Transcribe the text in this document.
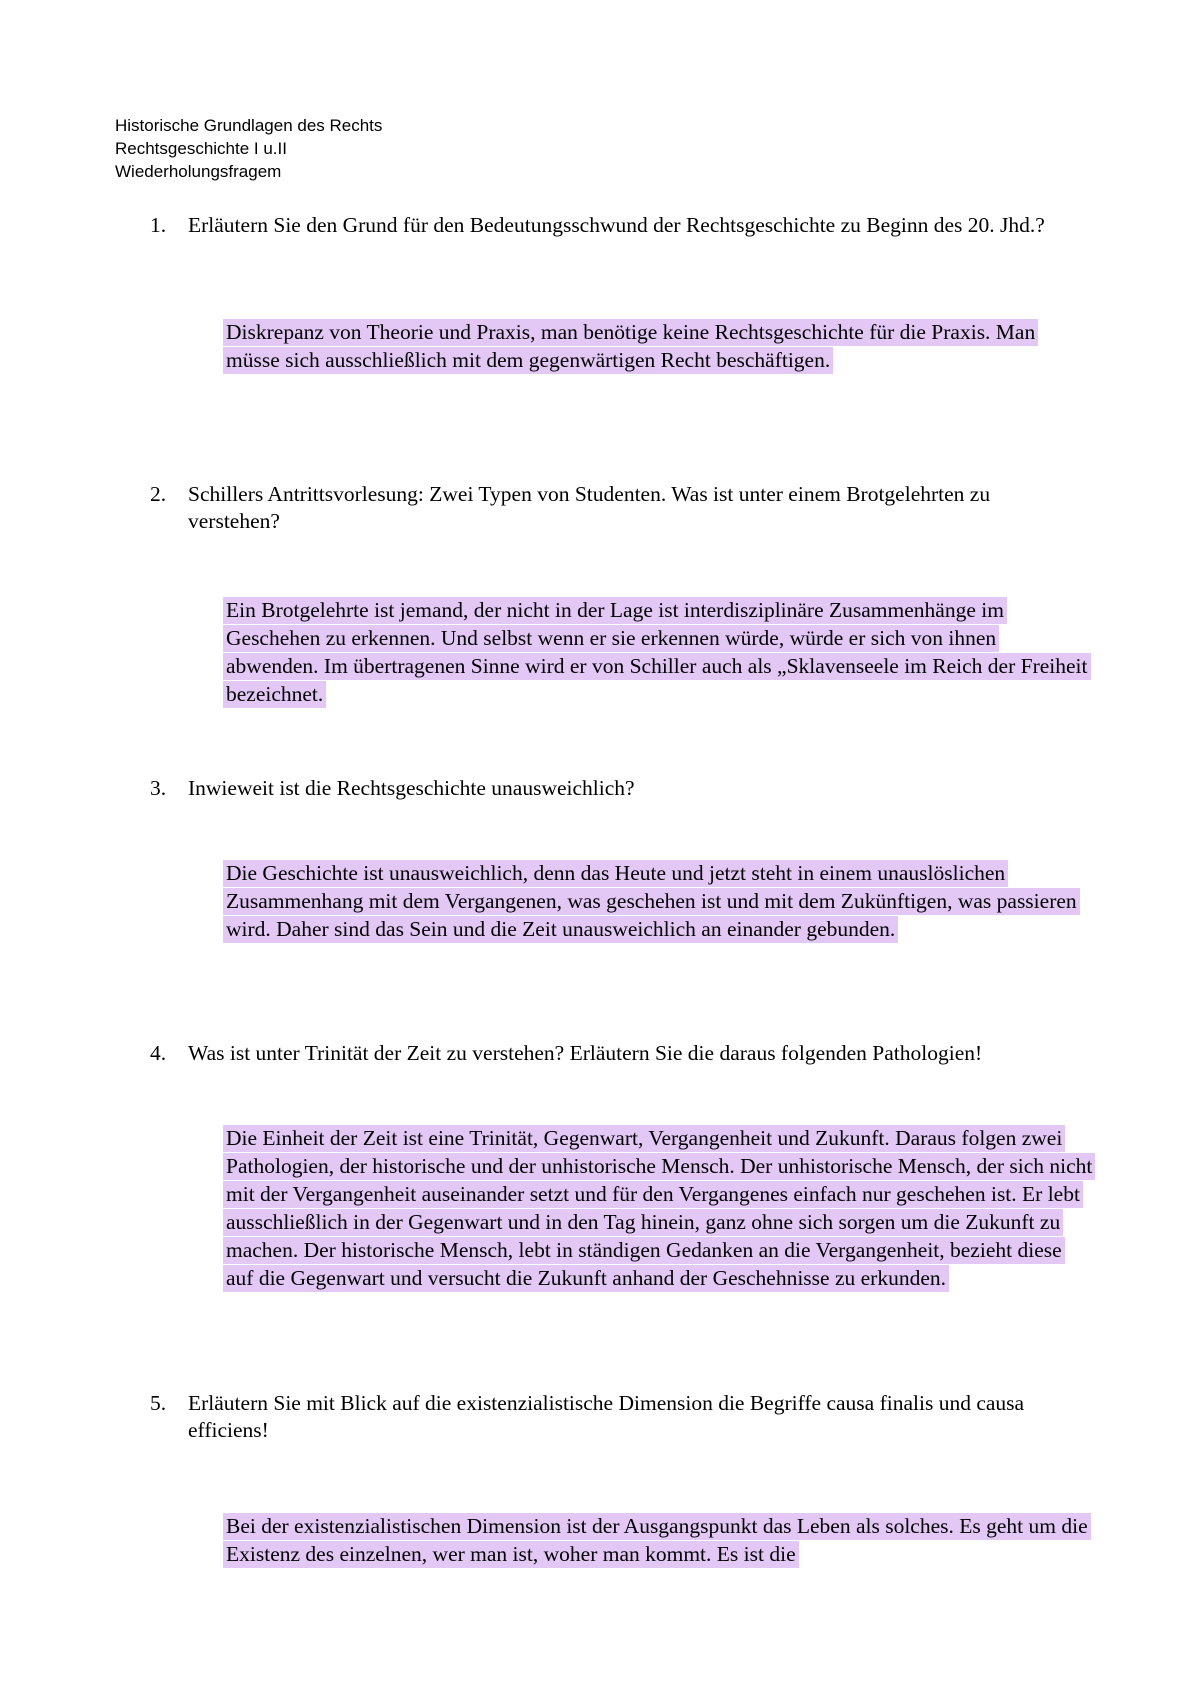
Historische Grundlagen des Rechts
Rechtsgeschichte I u.II
Wiederholungsfragem
1. Erläutern Sie den Grund für den Bedeutungsschwund der Rechtsgeschichte zu Beginn des 20. Jhd.?
Diskrepanz von Theorie und Praxis, man benötige keine Rechtsgeschichte für die Praxis. Man müsse sich ausschließlich mit dem gegenwärtigen Recht beschäftigen.
2. Schillers Antrittsvorlesung: Zwei Typen von Studenten. Was ist unter einem Brotgelehrten zu verstehen?
Ein Brotgelehrte ist jemand, der nicht in der Lage ist interdisziplinäre Zusammenhänge im Geschehen zu erkennen. Und selbst wenn er sie erkennen würde, würde er sich von ihnen abwenden. Im übertragenen Sinne wird er von Schiller auch als „Sklavenseele im Reich der Freiheit bezeichnet.
3. Inwieweit ist die Rechtsgeschichte unausweichlich?
Die Geschichte ist unausweichlich, denn das Heute und jetzt steht in einem unauslöslichen Zusammenhang mit dem Vergangenen, was geschehen ist und mit dem Zukünftigen, was passieren wird. Daher sind das Sein und die Zeit unausweichlich an einander gebunden.
4. Was ist unter Trinität der Zeit zu verstehen? Erläutern Sie die daraus folgenden Pathologien!
Die Einheit der Zeit ist eine Trinität, Gegenwart, Vergangenheit und Zukunft. Daraus folgen zwei Pathologien, der historische und der unhistorische Mensch. Der unhistorische Mensch, der sich nicht mit der Vergangenheit auseinander setzt und für den Vergangenes einfach nur geschehen ist. Er lebt ausschließlich in der Gegenwart und in den Tag hinein, ganz ohne sich sorgen um die Zukunft zu machen. Der historische Mensch, lebt in ständigen Gedanken an die Vergangenheit, bezieht diese auf die Gegenwart und versucht die Zukunft anhand der Geschehnisse zu erkunden.
5. Erläutern Sie mit Blick auf die existenzialistische Dimension die Begriffe causa finalis und causa efficiens!
Bei der existenzialistischen Dimension ist der Ausgangspunkt das Leben als solches. Es geht um die Existenz des einzelnen, wer man ist, woher man kommt. Es ist die
